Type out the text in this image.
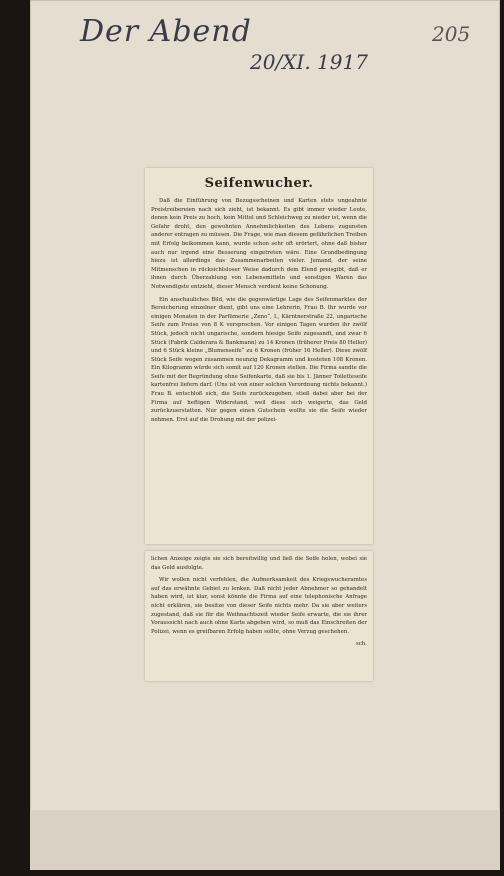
Der Abend
20/XI. 1917
205
Seifenwucher.

Daß die Einführung von Bezugsscheinen und Karten stets ungeahnte Preistreibereien nach sich zieht, ist bekannt. Es gibt immer wieder Leute, denen kein Preis zu hoch, kein Mittel und Schleichweg zu nieder ist, wenn die Gefahr droht, den gewohnten Annehmlichkeiten des Lebens zugunsten anderer entragen zu müssen. Die Frage, wie man diesem gefährlichen Treiben mit Erfolg beikommen kann, wurde schon sehr oft erörtert, ohne daß bisher auch nur irgend eine Besserung eingetreten wäre. Eine Grundbedingung hiezu ist allerdings das Zusammenarbeiten vieler. Jemand, der seine Mitmenschen in rücksichtsloser Weise dadurch dem Elend preisgibt, daß er ihnen durch Überzahlung von Lebensmitteln und sonstigen Waren das Notwendigste entzieht, dieser Mensch verdient keine Schonung.

Ein anschauliches Bild, wie die gegenwärtige Lage des Seifenmarktes der Bereicherung einzelner dient, gibt uns eine Lehrerin, Frau B. Ihr wurde vor einigen Monaten in der Parfümerie „Zeno“, I., Kärntnerstraße 22, ungarische Seife zum Preise von 8 K versprochen. Vor einigen Tagen wurden ihr zwölf Stück, jedoch nicht ungarische, sondern hiesige Seife zugesandt, und zwar 6 Stück (Fabrik Calderara & Bankmann) zu 14 Kronen (früherer Preis 80 Heller) und 6 Stück kleine „Blumenseife“ zu 6 Kronen (früher 16 Heller). Diese zwölf Stück Seife wogen zusammen neunzig Dekagramm und kosteten 108 Kronen. Ein Kilogramm würde sich somit auf 120 Kronen stellen. Die Firma sandte die Seife mit der Begründung ohne Seifenkarte, daß sie bis 1. Jänner Toiletteseife kartenfrei liefern darf. (Uns ist von einer solchen Verordnung nichts bekannt.) Frau B. entschloß sich, die Seife zurückzugeben, stieß dabei aber bei der Firma auf heftigen Widerstand, weil diese sich weigerte, das Geld zurückzuerstatten. Nur gegen einen Gutschein wollte sie die Seife wieder nehmen. Erst auf die Drohung mit der polizei-

lichen Anzeige zeigte sie sich bereitwillig und ließ die Seife holen, wobei sie das Geld ausfolgte.

Wir wollen nicht verfehlen, die Aufmerksamkeit des Kriegswucheramtes auf das erwähnte Gebiet zu lenken. Daß nicht jeder Abnehmer so gehandelt haben wird, ist klar, sonst könnte die Firma auf eine telephonische Anfrage nicht erklären, sie besitze von dieser Seife nichts mehr. Da sie aber weiters zugestand, daß sie für die Weihnachtszeit wieder Seife erwarte, die sie ihrer Voraussicht nach auch ohne Karte abgeben wird, so muß das Einschreiten der Polizei, wenn es greifbaren Erfolg haben sollte, ohne Verzug geschehen.

sch.
